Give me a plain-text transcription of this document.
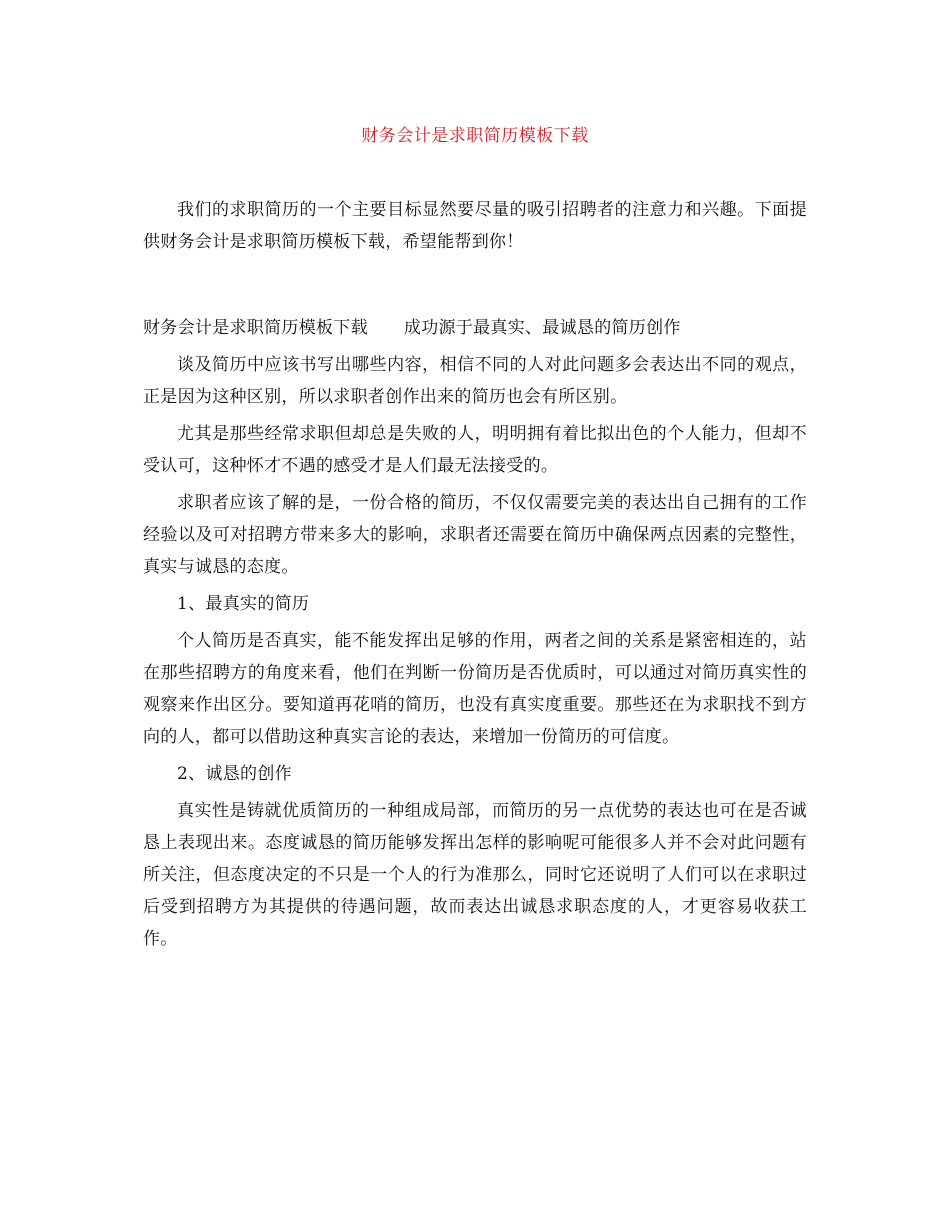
财务会计是求职简历模板下载

我们的求职简历的一个主要目标显然要尽量的吸引招聘者的注意力和兴趣。下面提供财务会计是求职简历模板下载，希望能帮到你！

财务会计是求职简历模板下载 成功源于最真实、最诚恳的简历创作

谈及简历中应该书写出哪些内容，相信不同的人对此问题多会表达出不同的观点，正是因为这种区别，所以求职者创作出来的简历也会有所区别。

尤其是那些经常求职但却总是失败的人，明明拥有着比拟出色的个人能力，但却不受认可，这种怀才不遇的感受才是人们最无法接受的。

求职者应该了解的是，一份合格的简历，不仅仅需要完美的表达出自己拥有的工作经验以及可对招聘方带来多大的影响，求职者还需要在简历中确保两点因素的完整性，真实与诚恳的态度。

1、最真实的简历

个人简历是否真实，能不能发挥出足够的作用，两者之间的关系是紧密相连的，站在那些招聘方的角度来看，他们在判断一份简历是否优质时，可以通过对简历真实性的观察来作出区分。要知道再花哨的简历，也没有真实度重要。那些还在为求职找不到方向的人，都可以借助这种真实言论的表达，来增加一份简历的可信度。

2、诚恳的创作

真实性是铸就优质简历的一种组成局部，而简历的另一点优势的表达也可在是否诚恳上表现出来。态度诚恳的简历能够发挥出怎样的影响呢可能很多人并不会对此问题有所关注，但态度决定的不只是一个人的行为准那么，同时它还说明了人们可以在求职过后受到招聘方为其提供的待遇问题，故而表达出诚恳求职态度的人，才更容易收获工作。
